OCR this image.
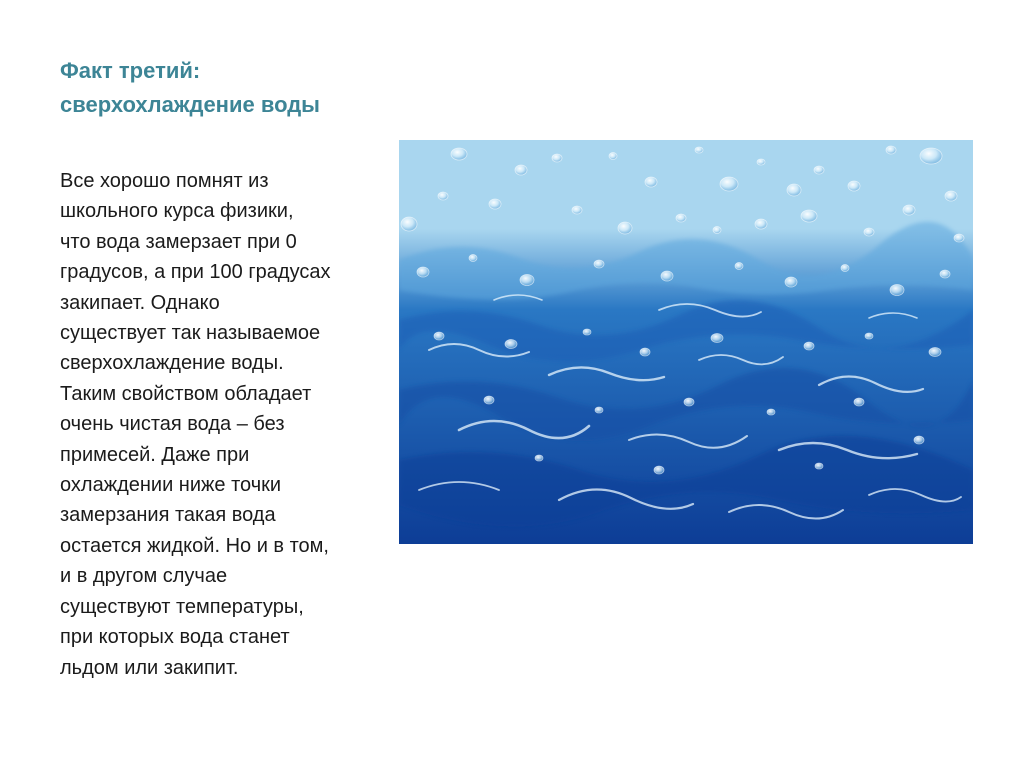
Факт третий:
сверхохлаждение воды

Все хорошо помнят из
школьного курса физики,
что вода замерзает при 0
градусов, а при 100 градусах
закипает. Однако
существует так называемое
сверхохлаждение воды.
Таким свойством обладает
очень чистая вода – без
примесей. Даже при
охлаждении ниже точки
замерзания такая вода
остается жидкой. Но и в том,
и в другом случае
существуют температуры,
при которых вода станет
льдом или закипит.
